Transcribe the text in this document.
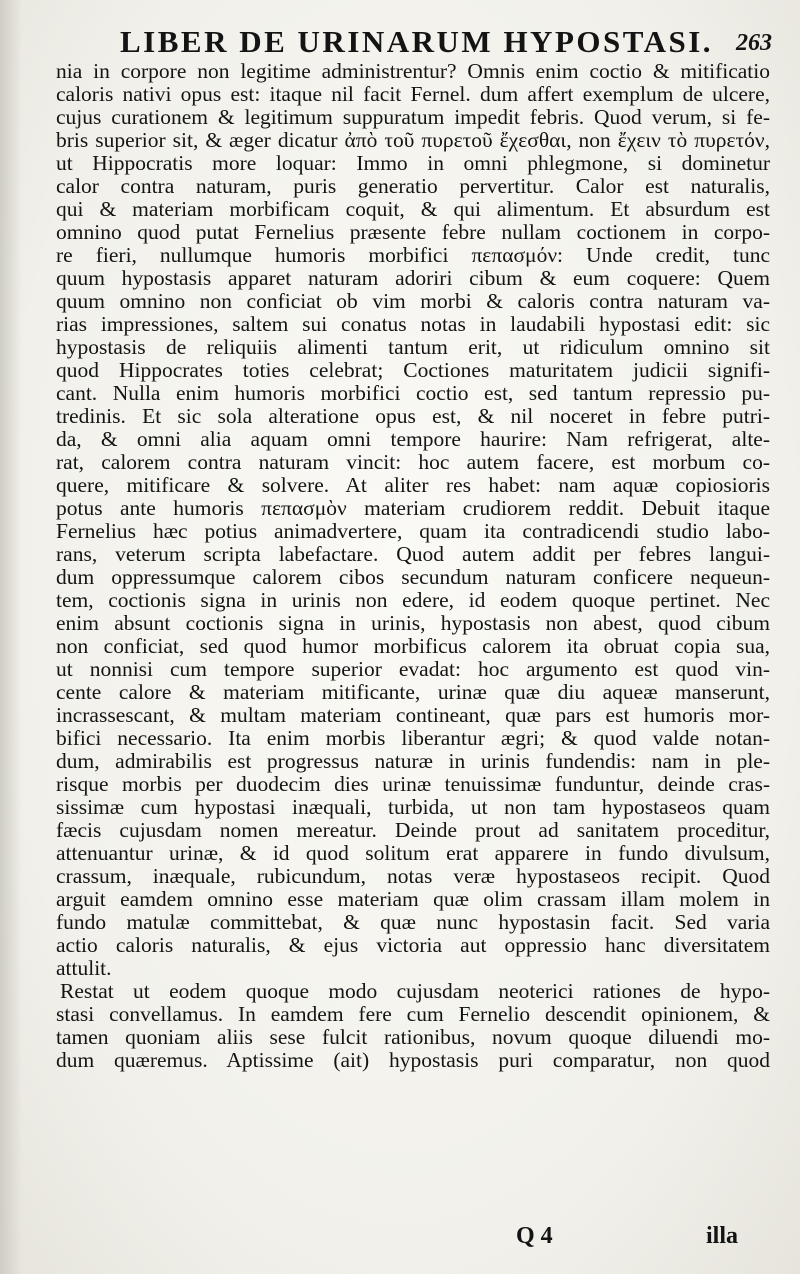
LIBER DE URINARUM HYPOSTASI. 263
nia in corpore non legitime administrentur? Omnis enim coctio & mitificatio
caloris nativi opus est: itaque nil facit Fernel. dum affert exemplum de ulcere,
cujus curationem & legitimum suppuratum impedit febris. Quod verum, si fe-
bris superior sit, & æger dicatur ἀπὸ τοῦ πυρετοῦ ἔχεσθαι, non ἔχειν τὸ πυρετόν,
ut Hippocratis more loquar: Immo in omni phlegmone, si dominetur
calor contra naturam, puris generatio pervertitur. Calor est naturalis,
qui & materiam morbificam coquit, & qui alimentum. Et absurdum est
omnino quod putat Fernelius præsente febre nullam coctionem in corpo-
re fieri, nullumque humoris morbifici πεπασμόν: Unde credit, tunc
quum hypostasis apparet naturam adoriri cibum & eum coquere: Quem
quum omnino non conficiat ob vim morbi & caloris contra naturam va-
rias impressiones, saltem sui conatus notas in laudabili hypostasi edit: sic
hypostasis de reliquiis alimenti tantum erit, ut ridiculum omnino sit
quod Hippocrates toties celebrat; Coctiones maturitatem judicii signifi-
cant. Nulla enim humoris morbifici coctio est, sed tantum repressio pu-
tredinis. Et sic sola alteratione opus est, & nil noceret in febre putri-
da, & omni alia aquam omni tempore haurire: Nam refrigerat, alte-
rat, calorem contra naturam vincit: hoc autem facere, est morbum co-
quere, mitificare & solvere. At aliter res habet: nam aquæ copiosioris
potus ante humoris πεπασμὸν materiam crudiorem reddit. Debuit itaque
Fernelius hæc potius animadvertere, quam ita contradicendi studio labo-
rans, veterum scripta labefactare. Quod autem addit per febres langui-
dum oppressumque calorem cibos secundum naturam conficere nequeun-
tem, coctionis signa in urinis non edere, id eodem quoque pertinet. Nec
enim absunt coctionis signa in urinis, hypostasis non abest, quod cibum
non conficiat, sed quod humor morbificus calorem ita obruat copia sua,
ut nonnisi cum tempore superior evadat: hoc argumento est quod vin-
cente calore & materiam mitificante, urinæ quæ diu aqueæ manserunt,
incrassescant, & multam materiam contineant, quæ pars est humoris mor-
bifici necessario. Ita enim morbis liberantur ægri; & quod valde notan-
dum, admirabilis est progressus naturæ in urinis fundendis: nam in ple-
risque morbis per duodecim dies urinæ tenuissimæ funduntur, deinde cras-
sissimæ cum hypostasi inæquali, turbida, ut non tam hypostaseos quam
fæcis cujusdam nomen mereatur. Deinde prout ad sanitatem proceditur,
attenuantur urinæ, & id quod solitum erat apparere in fundo divulsum,
crassum, inæquale, rubicundum, notas veræ hypostaseos recipit. Quod
arguit eamdem omnino esse materiam quæ olim crassam illam molem in
fundo matulæ committebat, & quæ nunc hypostasin facit. Sed varia
actio caloris naturalis, & ejus victoria aut oppressio hanc diversitatem
attulit.
Restat ut eodem quoque modo cujusdam neoterici rationes de hypo-
stasi convellamus. In eamdem fere cum Fernelio descendit opinionem, &
tamen quoniam aliis sese fulcit rationibus, novum quoque diluendi mo-
dum quæremus. Aptissime (ait) hypostasis puri comparatur, non quod
Q 4	illa
